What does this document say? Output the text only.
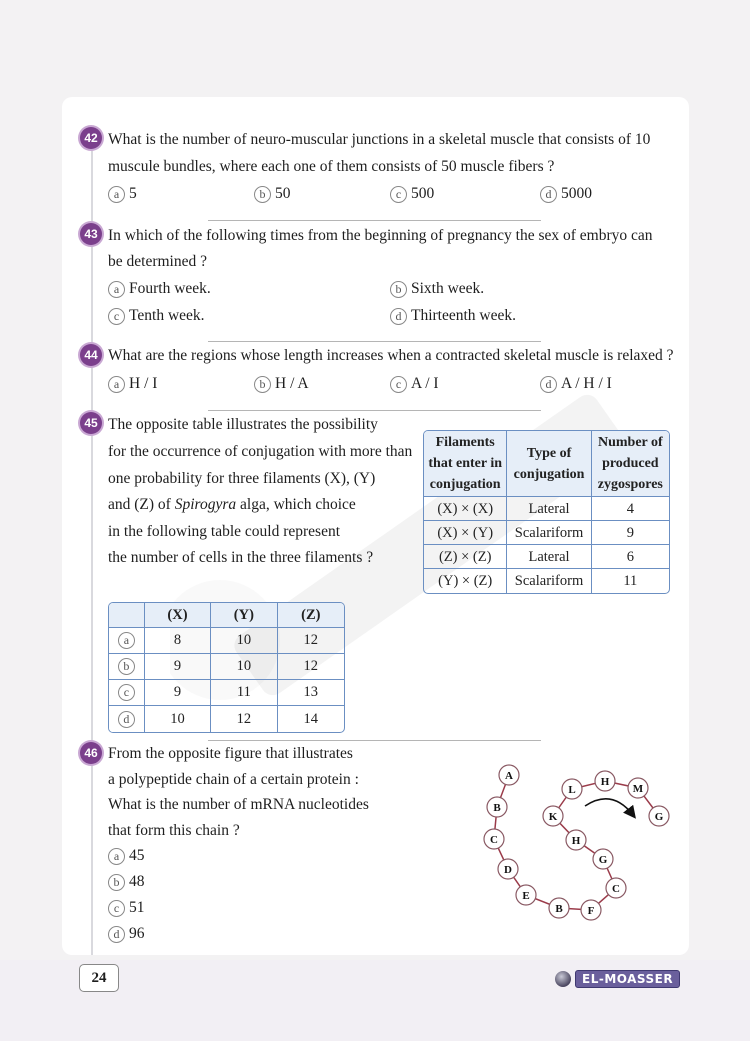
42 What is the number of neuro-muscular junctions in a skeletal muscle that consists of 10
muscule bundles, where each one of them consists of 50 muscle fibers ?
a 5	b 50	c 500	d 5000
43 In which of the following times from the beginning of pregnancy the sex of embryo can
be determined ?
a Fourth week.	b Sixth week.
c Tenth week.	d Thirteenth week.
44 What are the regions whose length increases when a contracted skeletal muscle is relaxed ?
a H / I	b H / A	c A / I	d A / H / I
45 The opposite table illustrates the possibility
for the occurrence of conjugation with more than
one probability for three filaments (X), (Y)
and (Z) of Spirogyra alga, which choice
in the following table could represent
the number of cells in the three filaments ?
Filaments that enter in conjugation	Type of conjugation	Number of produced zygospores
(X) × (X)	Lateral	4
(X) × (Y)	Scalariform	9
(Z) × (Z)	Lateral	6
(Y) × (Z)	Scalariform	11
	(X)	(Y)	(Z)
a	8	10	12
b	9	10	12
c	9	11	13
d	10	12	14
46 From the opposite figure that illustrates
a polypeptide chain of a certain protein :
What is the number of mRNA nucleotides
that form this chain ?
a 45
b 48
c 51
d 96
A
B
C
D
E
B F
C
G
H
K
L
H
M
G
24	EL-MOASSER
